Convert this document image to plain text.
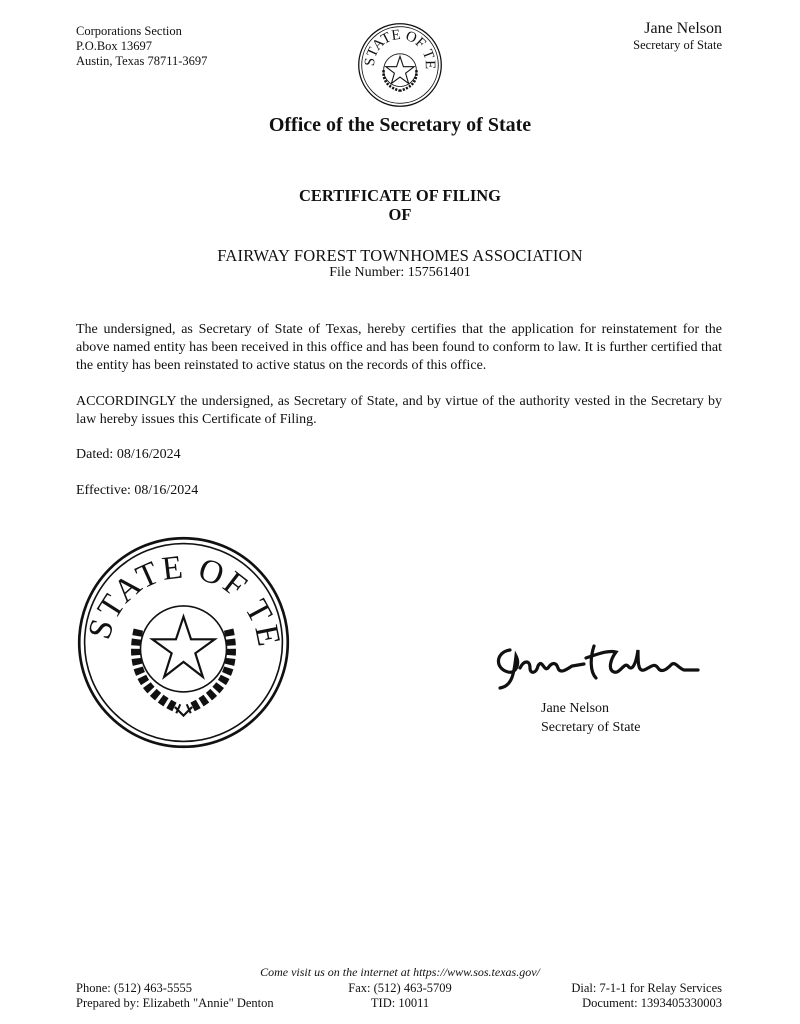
Corporations Section
P.O.Box 13697
Austin, Texas 78711-3697	STATE OF TE
Jane Nelson
Secretary of State
Office of the Secretary of State
CERTIFICATE OF FILING
OF
FAIRWAY FOREST TOWNHOMES ASSOCIATION
File Number: 157561401
The undersigned, as Secretary of State of Texas, hereby certifies that the application for reinstatement for the above named entity has been received in this office and has been found to conform to law. It is further certified that the entity has been reinstated to active status on the records of this office.
ACCORDINGLY the undersigned, as Secretary of State, and by virtue of the authority vested in the Secretary by law hereby issues this Certificate of Filing.
Dated: 08/16/2024
Effective: 08/16/2024
STATE OF TE
Jane Nelson
Secretary of State
Come visit us on the internet at https://www.sos.texas.gov/
Phone: (512) 463-5555
Prepared by: Elizabeth "Annie" Denton
Fax: (512) 463-5709
TID: 10011
Dial: 7-1-1 for Relay Services
Document: 1393405330003
